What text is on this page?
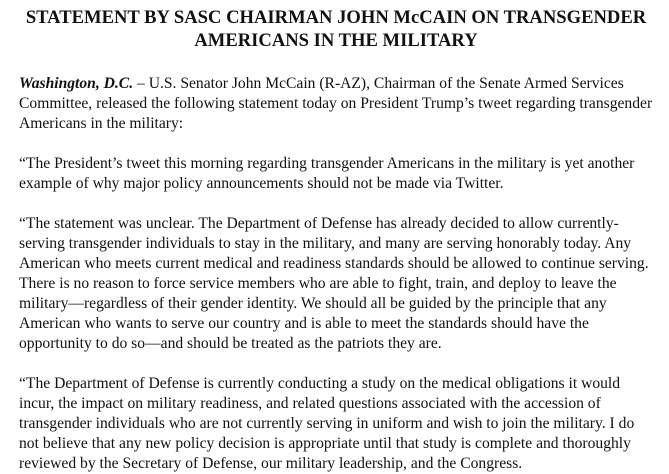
STATEMENT BY SASC CHAIRMAN JOHN McCAIN ON TRANSGENDER AMERICANS IN THE MILITARY

Washington, D.C. – U.S. Senator John McCain (R-AZ), Chairman of the Senate Armed Services Committee, released the following statement today on President Trump’s tweet regarding transgender Americans in the military:

“The President’s tweet this morning regarding transgender Americans in the military is yet another example of why major policy announcements should not be made via Twitter.

“The statement was unclear. The Department of Defense has already decided to allow currently-serving transgender individuals to stay in the military, and many are serving honorably today. Any American who meets current medical and readiness standards should be allowed to continue serving. There is no reason to force service members who are able to fight, train, and deploy to leave the military—regardless of their gender identity. We should all be guided by the principle that any American who wants to serve our country and is able to meet the standards should have the opportunity to do so—and should be treated as the patriots they are.

“The Department of Defense is currently conducting a study on the medical obligations it would incur, the impact on military readiness, and related questions associated with the accession of transgender individuals who are not currently serving in uniform and wish to join the military. I do not believe that any new policy decision is appropriate until that study is complete and thoroughly reviewed by the Secretary of Defense, our military leadership, and the Congress.
